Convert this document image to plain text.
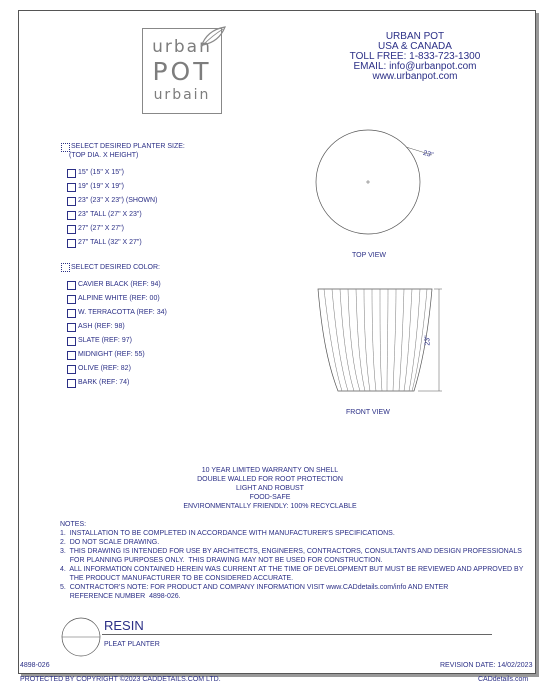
urban
POT
urbain
URBAN POT
USA & CANADA
TOLL FREE: 1-833-723-1300
EMAIL: info@urbanpot.com
www.urbanpot.com
SELECT DESIRED PLANTER SIZE:
(TOP DIA. X HEIGHT)
15" (15" X 15")
19" (19" X 19")
23" (23" X 23") (SHOWN)
23" TALL (27" X 23")
27" (27" X 27")
27" TALL (32" X 27")
SELECT DESIRED COLOR:
CAVIER BLACK (REF: 94)
ALPINE WHITE (REF: 00)
W. TERRACOTTA (REF: 34)
ASH (REF: 98)
SLATE (REF: 97)
MIDNIGHT (REF: 55)
OLIVE (REF: 82)
BARK (REF: 74)
23"
TOP VIEW
23"
FRONT VIEW
10 YEAR LIMITED WARRANTY ON SHELL
DOUBLE WALLED FOR ROOT PROTECTION
LIGHT AND ROBUST
FOOD-SAFE
ENVIRONMENTALLY FRIENDLY: 100% RECYCLABLE
NOTES:
1.  INSTALLATION TO BE COMPLETED IN ACCORDANCE WITH MANUFACTURER'S SPECIFICATIONS.
2.  DO NOT SCALE DRAWING.
3.  THIS DRAWING IS INTENDED FOR USE BY ARCHITECTS, ENGINEERS, CONTRACTORS, CONSULTANTS AND DESIGN PROFESSIONALS
FOR PLANNING PURPOSES ONLY.  THIS DRAWING MAY NOT BE USED FOR CONSTRUCTION.
4.  ALL INFORMATION CONTAINED HEREIN WAS CURRENT AT THE TIME OF DEVELOPMENT BUT MUST BE REVIEWED AND APPROVED BY
THE PRODUCT MANUFACTURER TO BE CONSIDERED ACCURATE.
5.  CONTRACTOR'S NOTE: FOR PRODUCT AND COMPANY INFORMATION VISIT www.CADdetails.com/info AND ENTER
REFERENCE NUMBER  4898-026.
RESIN
PLEAT PLANTER
4898-026	REVISION DATE: 14/02/2023
PROTECTED BY COPYRIGHT ©2023 CADDETAILS.COM LTD.	CADdetails.com
